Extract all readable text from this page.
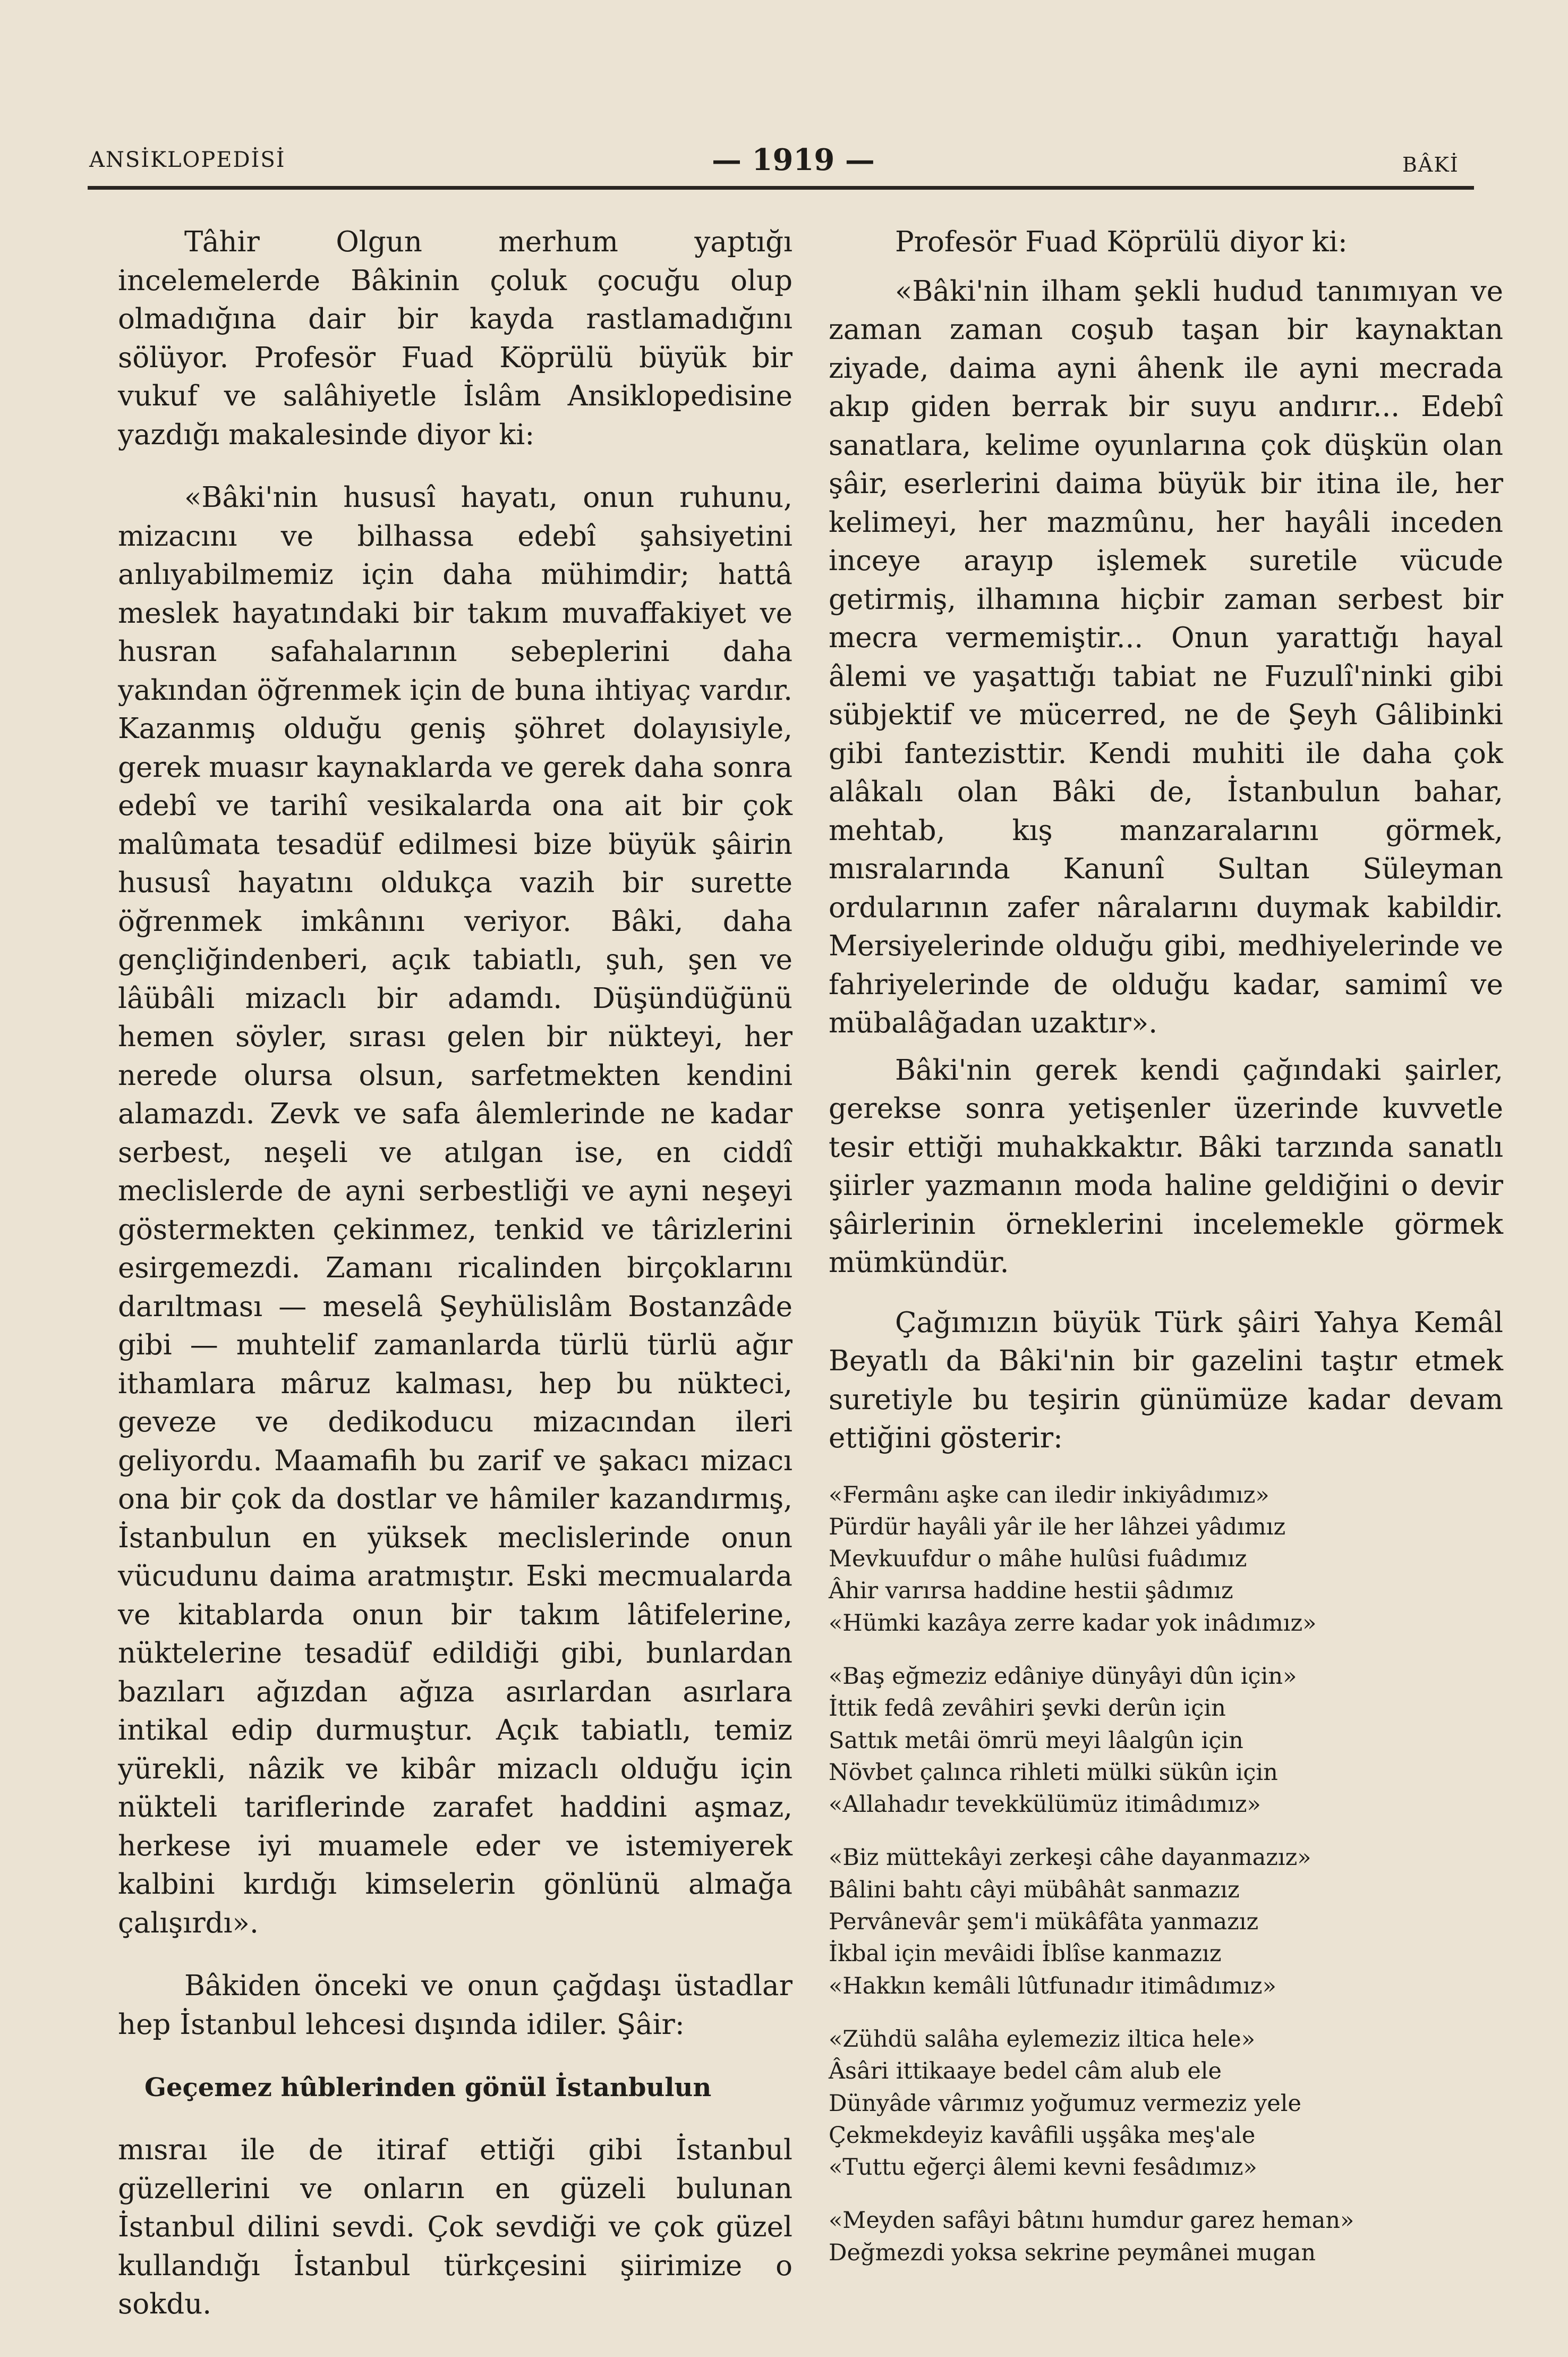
ANSİKLOPEDİSİ	— 1919 —	BÂKİ

Tâhir Olgun merhum yaptığı incelemelerde Bâkinin çoluk çocuğu olup olmadığına dair bir kayda rastlamadığını sölüyor. Profesör Fuad Köprülü büyük bir vukuf ve salâhiyetle İslâm Ansiklopedisine yazdığı makalesinde diyor ki:

«Bâki'nin hususî hayatı, onun ruhunu, mizacını ve bilhassa edebî şahsiyetini anlıyabilmemiz için daha mühimdir; hattâ meslek hayatındaki bir takım muvaffakiyet ve husran safahalarının sebeplerini daha yakından öğrenmek için de buna ihtiyaç vardır. Kazanmış olduğu geniş şöhret dolayısiyle, gerek muasır kaynaklarda ve gerek daha sonra edebî ve tarihî vesikalarda ona ait bir çok malûmata tesadüf edilmesi bize büyük şâirin hususî hayatını oldukça vazih bir surette öğrenmek imkânını veriyor. Bâki, daha gençliğindenberi, açık tabiatlı, şuh, şen ve lâübâli mizaclı bir adamdı. Düşündüğünü hemen söyler, sırası gelen bir nükteyi, her nerede olursa olsun, sarfetmekten kendini alamazdı. Zevk ve safa âlemlerinde ne kadar serbest, neşeli ve atılgan ise, en ciddî meclislerde de ayni serbestliği ve ayni neşeyi göstermekten çekinmez, tenkid ve târizlerini esirgemezdi. Zamanı ricalinden birçoklarını darıltması — meselâ Şeyhülislâm Bostanzâde gibi — muhtelif zamanlarda türlü türlü ağır ithamlara mâruz kalması, hep bu nükteci, geveze ve dedikoducu mizacından ileri geliyordu. Maamafih bu zarif ve şakacı mizacı ona bir çok da dostlar ve hâmiler kazandırmış, İstanbulun en yüksek meclislerinde onun vücudunu daima aratmıştır. Eski mecmualarda ve kitablarda onun bir takım lâtifelerine, nüktelerine tesadüf edildiği gibi, bunlardan bazıları ağızdan ağıza asırlardan asırlara intikal edip durmuştur. Açık tabiatlı, temiz yürekli, nâzik ve kibâr mizaclı olduğu için nükteli tariflerinde zarafet haddini aşmaz, herkese iyi muamele eder ve istemiyerek kalbini kırdığı kimselerin gönlünü almağa çalışırdı».

Bâkiden önceki ve onun çağdaşı üstadlar hep İstanbul lehcesi dışında idiler. Şâir:

Geçemez hûblerinden gönül İstanbulun

mısraı ile de itiraf ettiği gibi İstanbul güzellerini ve onların en güzeli bulunan İstanbul dilini sevdi. Çok sevdiği ve çok güzel kullandığı İstanbul türkçesini şiirimize o sokdu.

Profesör Fuad Köprülü diyor ki:

«Bâki'nin ilham şekli hudud tanımıyan ve zaman zaman coşub taşan bir kaynaktan ziyade, daima ayni âhenk ile ayni mecrada akıp giden berrak bir suyu andırır... Edebî sanatlara, kelime oyunlarına çok düşkün olan şâir, eserlerini daima büyük bir itina ile, her kelimeyi, her mazmûnu, her hayâli inceden inceye arayıp işlemek suretile vücude getirmiş, ilhamına hiçbir zaman serbest bir mecra vermemiştir... Onun yarattığı hayal âlemi ve yaşattığı tabiat ne Fuzulî'ninki gibi sübjektif ve mücerred, ne de Şeyh Gâlibinki gibi fantezisttir. Kendi muhiti ile daha çok alâkalı olan Bâki de, İstanbulun bahar, mehtab, kış manzaralarını görmek, mısralarında Kanunî Sultan Süleyman ordularının zafer nâralarını duymak kabildir. Mersiyelerinde olduğu gibi, medhiyelerinde ve fahriyelerinde de olduğu kadar, samimî ve mübalâğadan uzaktır».

Bâki'nin gerek kendi çağındaki şairler, gerekse sonra yetişenler üzerinde kuvvetle tesir ettiği muhakkaktır. Bâki tarzında sanatlı şiirler yazmanın moda haline geldiğini o devir şâirlerinin örneklerini incelemekle görmek mümkündür.

Çağımızın büyük Türk şâiri Yahya Kemâl Beyatlı da Bâki'nin bir gazelini taştır etmek suretiyle bu teşirin günümüze kadar devam ettiğini gösterir:

«Fermânı aşke can iledir inkiyâdımız»
Pürdür hayâli yâr ile her lâhzei yâdımız
Mevkuufdur o mâhe hulûsi fuâdımız
Âhir varırsa haddine hestii şâdımız
«Hümki kazâya zerre kadar yok inâdımız»
«Baş eğmeziz edâniye dünyâyi dûn için»
İttik fedâ zevâhiri şevki derûn için
Sattık metâi ömrü meyi lâalgûn için
Növbet çalınca rihleti mülki sükûn için
«Allahadır tevekkülümüz itimâdımız»
«Biz müttekâyi zerkeşi câhe dayanmazız»
Bâlini bahtı câyi mübâhât sanmazız
Pervânevâr şem'i mükâfâta yanmazız
İkbal için mevâidi İblîse kanmazız
«Hakkın kemâli lûtfunadır itimâdımız»
«Zühdü salâha eylemeziz iltica hele»
Âsâri ittikaaye bedel câm alub ele
Dünyâde vârımız yoğumuz vermeziz yele
Çekmekdeyiz kavâfili uşşâka meş'ale
«Tuttu eğerçi âlemi kevni fesâdımız»
«Meyden safâyi bâtını humdur garez heman»
Değmezdi yoksa sekrine peymânei mugan
